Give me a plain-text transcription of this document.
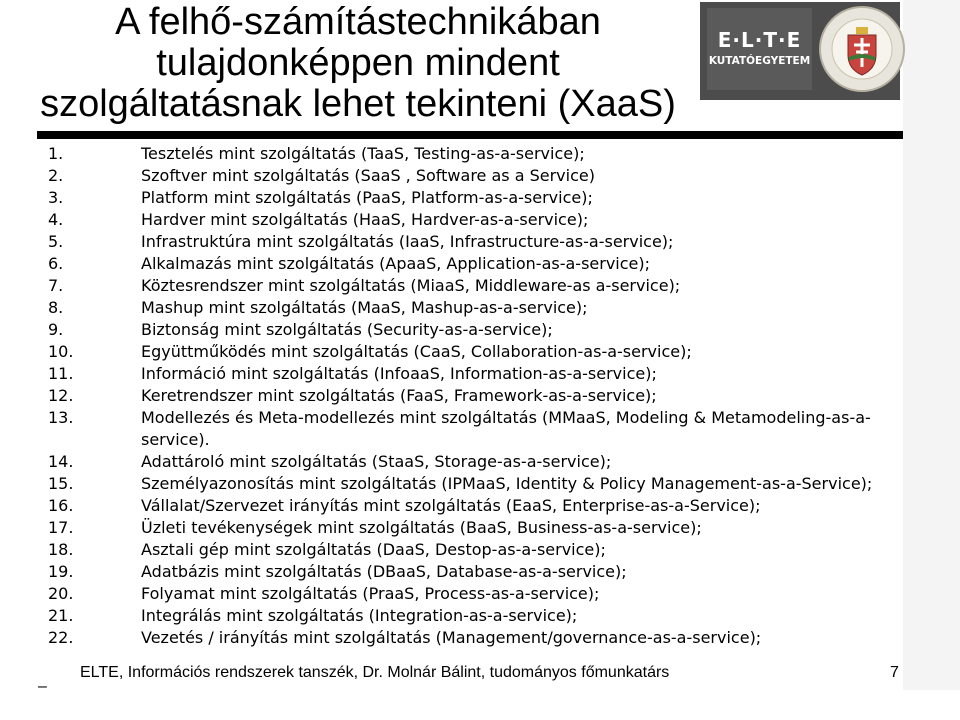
A felhő-számítástechnikában
tulajdonképpen mindent
szolgáltatásnak lehet tekinteni (XaaS)
E·L·T·E
KUTATÓEGYETEM
1.	Tesztelés mint szolgáltatás (TaaS, Testing-as-a-service);
2.	Szoftver mint szolgáltatás (SaaS , Software as a Service)
3.	Platform mint szolgáltatás (PaaS, Platform-as-a-service);
4.	Hardver mint szolgáltatás (HaaS, Hardver-as-a-service);
5.	Infrastruktúra mint szolgáltatás (IaaS, Infrastructure-as-a-service);
6.	Alkalmazás mint szolgáltatás (ApaaS, Application-as-a-service);
7.	Köztesrendszer mint szolgáltatás (MiaaS, Middleware-as a-service);
8.	Mashup mint szolgáltatás (MaaS, Mashup-as-a-service);
9.	Biztonság mint szolgáltatás (Security-as-a-service);
10.	Együttműködés mint szolgáltatás (CaaS, Collaboration-as-a-service);
11.	Információ mint szolgáltatás (InfoaaS, Information-as-a-service);
12.	Keretrendszer mint szolgáltatás (FaaS, Framework-as-a-service);
13.	Modellezés és Meta-modellezés mint szolgáltatás (MMaaS, Modeling & Metamodeling-as-a-service).
14.	Adattároló mint szolgáltatás (StaaS, Storage-as-a-service);
15.	Személyazonosítás mint szolgáltatás (IPMaaS, Identity & Policy Management-as-a-Service);
16.	Vállalat/Szervezet irányítás mint szolgáltatás (EaaS, Enterprise-as-a-Service);
17.	Üzleti tevékenységek mint szolgáltatás (BaaS, Business-as-a-service);
18.	Asztali gép mint szolgáltatás (DaaS, Destop-as-a-service);
19.	Adatbázis mint szolgáltatás (DBaaS, Database-as-a-service);
20.	Folyamat mint szolgáltatás (PraaS, Process-as-a-service);
21.	Integrálás mint szolgáltatás (Integration-as-a-service);
22.	Vezetés / irányítás mint szolgáltatás (Management/governance-as-a-service);
–
ELTE, Információs rendszerek tanszék, Dr. Molnár Bálint, tudományos főmunkatárs	7
